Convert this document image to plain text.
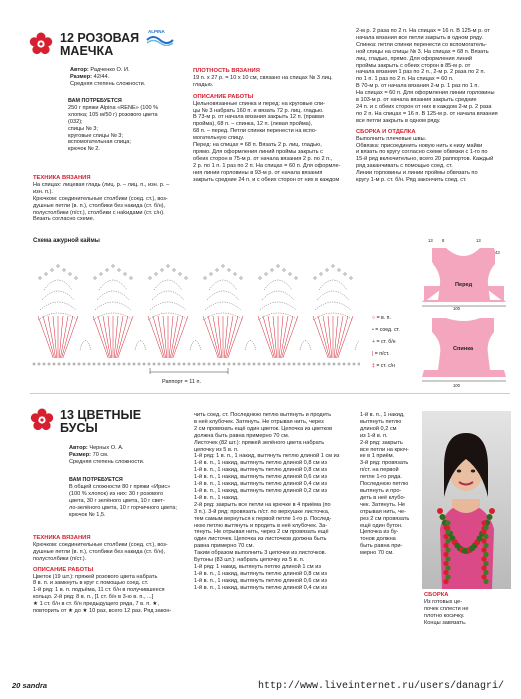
12 РОЗОВАЯ
МАЕЧКА
ALPINA
Автор: Радченко О. И.
Размер: 42/44.
Средняя степень сложности.
ВАМ ПОТРЕБУЕТСЯ
250 г пряжи Alpina «RENE» (100 %
хлопка; 105 м/50 г) розового цвета
(032);
спицы № 3;
круговые спицы № 3;
вспомогательная спица;
крючок № 2.
ТЕХНИКА ВЯЗАНИЯ
На спицах: лицевая гладь (лиц. р. – лиц. п., изн. р. –
изн. п.).
Крючком: соединительные столбики (соед. ст.), воз-
душные петли (в. п.), столбики без накида (ст. б/н),
полустолбики (п/ст.), столбики с нakидами (ст. с/н).
Вязать согласно схеме.
ПЛОТНОСТЬ ВЯЗАНИЯ
19 п. х 27 р. = 10 х 10 см, связано на спицах № 3 лиц.
гладью.
ОПИСАНИЕ РАБОТЫ
Цельновязанные спинка и перед: на круговые спи-
цы № 3 набрать 160 п. и вязать 72 р. лиц. гладью.
В 73-м р. от начала вязания закрыть 12 п. (правая
пройма), 68 п. – спинка, 12 п. (левая пройма),
68 п. – перед. Петли спинки перенести на вспо-
могательную спицу.
Перед: на спицах = 68 п. Вязать 2 р. лиц. гладью,
прямо. Для оформления линий проймы закрыть с
обеих сторон в 75-м р. от начала вязания 2 р. по 2 п.,
2 р. по 1 п. 1 раз по 2 п. На спицах = 60 п. Для оформле-
ния линии горловины в 93-м р. от начала вязания
закрыть средние 24 п. и с обеих сторон от них в каждом
2-м р. 2 раза по 2 п. На спицах = 16 п. В 125-м р. от
начала вязания все петли закрыть в одном ряду.
Спинка: петли спинки перенести со вспомогатель-
ной спицы на спицы № 3. На спицах = 68 п. Вязать
лиц. гладью, прямо. Для оформления линий
проймы закрыть с обеих сторон в 85-м р. от
начала вязания 1 раз по 2 п., 2-м р. 2 раза по 2 п.
по 1 п. 1 раз по 2 п. На спицах = 60 п.
В 70-м р. от начала вязания 2-м р. 1 раз по 1 п.
На спицах = 60 п. Для оформления линии горловины
в 103-м р. от начала вязания закрыть средние
24 п. и с обеих сторон от них в каждом 2-м р. 2 раза
по 2 п. На спицах = 16 п. В 125-м р. от начала вязания
все петли закрыть в одном ряду.
СБОРКА И ОТДЕЛКА
Выполнить плечевые швы.
Обвязка: присоединить новую нить к низу майки
и вязать по кругу согласно схеме обвязки с 1-го по
15-й ряд включительно, всего 20 раппортов. Каждый
ряд заканчивать с помощью соед. ст.
Линии горловины и линии проймы обвязать по
кругу 1-м р. ст. б/н. Ряд закончить соед. ст.
Схема ажурной каймы
Раппорт = 11 п.
○ = в. п.
• = соед. ст.
+ = ст. б/н
| = п/ст.
‡ = ст. с/н
Перед
Спинка
13 8	13
43
100
100
13 ЦВЕТНЫЕ
БУСЫ
Автор: Черных О. А.
Размер: 70 см.
Средняя степень сложности.
ВАМ ПОТРЕБУЕТСЯ
В общей сложности 80 г пряжи «Ирис»
(100 % хлопок) из них: 30 г розового
цвета, 30 г зелёного цвета, 10 г свет-
ло-зелёного цвета, 10 г горчичного цвета;
крючок № 1,5.
ТЕХНИКА ВЯЗАНИЯ
Крючком: соединительные столбики (соед. ст.), воз-
душные петли (в. п.), столбики без накида (ст. б/н),
полустолбики (п/ст.).
ОПИСАНИЕ РАБОТЫ
Цветок (19 шт.): пряжей розового цвета набрать
8 в. п. и замкнуть в круг с помощью соед. ст.
1-й ряд: 1 в. п. подъёма, 11 ст. б/н в получившееся
кольцо. 2-й ряд: 8 в. п., [1 ст. б/н в 3-ю в. п., ...]
★ 1 ст. б/н в ст. б/н предыдущего ряда, 7 в. п. ★,
повторить от ★ до ★ 10 раз, всего 12 раз. Ряд закон-
чить соед. ст. Последнюю петлю вытянуть и продеть
в неё клубочек. Затянуть. Не отрывая нить, через
2 см провязать ещё один цветок. Цепочка из цветков
должна быть равна примерно 70 см.
Листочек (82 шт.): пряжей зелёного цвета набрать
цепочку из 5 в. п.
1-й ряд: 1 в. п., 1 накид, вытянуть петлю длиной 1 см из
1-й в. п., 1 накид, вытянуть петлю длиной 0,8 см из
1-й в. п., 1 накид, вытянуть петлю длиной 0,8 см из
1-й в. п., 1 накид, вытянуть петлю длиной 0,6 см из
1-й в. п., 1 накид, вытянуть петлю длиной 0,4 см из
1-й в. п., 1 накид, вытянуть петлю длиной 0,2 см из
1-й в. п., 1 накид.
2-й ряд: закрыть все петли на крючке в 4 приёма (по
3 п.). 3-й ряд: провязать п/ст. по верхушке листочка,
тем самым вернуться к первой петле 1-го р. Послед-
нюю петлю вытянуть и продеть в неё клубочек. За-
тянуть. Не отрывая нить, через 2 см провязать ещё
один листочек. Цепочка из листочков должна быть
равна примерно 70 см.
Таким образом выполнить 3 цепочки из листочков.
Бутоны (83 шт.): набрать цепочку из 5 в. п.
1-й ряд: 1 накид, вытянуть петлю длиной 1 см из
1-й в. п., 1 накид, вытянуть петлю длиной 0,8 см из
1-й в. п., 1 накид, вытянуть петлю длиной 0,6 см из
1-й в. п., 1 накид, вытянуть петлю длиной 0,4 см из
1-й в. п., 1 накид,
вытянуть петлю
длиной 0,2 см
из 1-й в. п.
2-й ряд: закрыть
все петли на крюч-
ке в 1 приём.
3-й ряд: провязать
п/ст. на первой
петле 1-го ряда.
Последнюю петлю
вытянуть и про-
деть в неё клубо-
чек. Затянуть. Не
отрывая нить, че-
рез 2 см провязать
ещё один бутон.
Цепочка из бу-
тонов должна
быть равна при-
мерно 70 см.
СБОРКА
Из готовых це-
почек сплести не
плотно косичку.
Концы завязать.
20 sandra	http://www.liveinternet.ru/users/danagri/
